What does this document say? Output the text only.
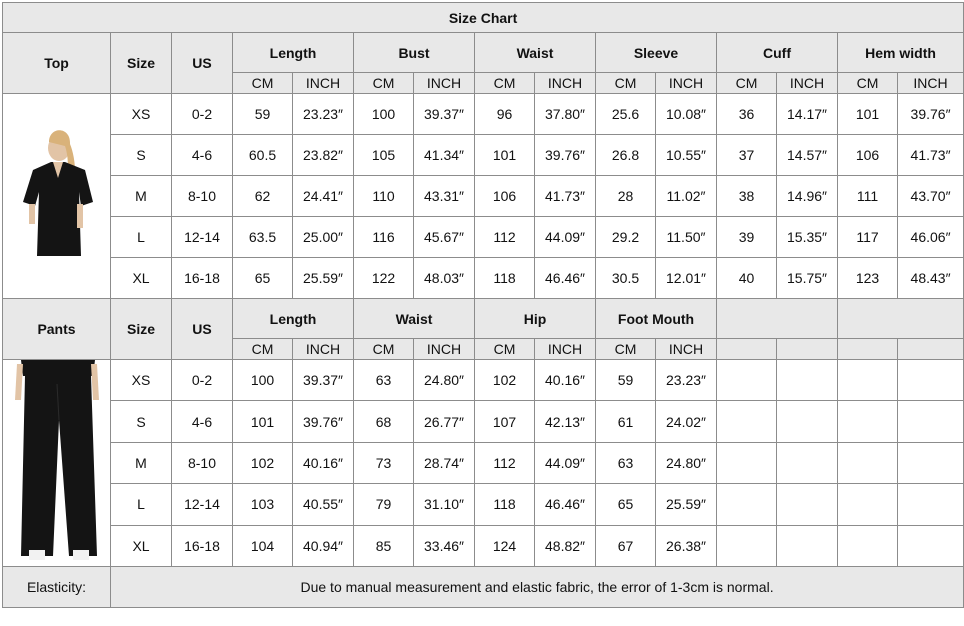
Size Chart														
Top	Size	US	Length		Bust		Waist		Sleeve		Cuff		Hem width	
			CM	INCH	CM	INCH	CM	INCH	CM	INCH	CM	INCH	CM	INCH

	XS	0-2	59	23.23″	100	39.37″	96	37.80″	25.6	10.08″	36	14.17″	101	39.76″
	S	4-6	60.5	23.82″	105	41.34″	101	39.76″	26.8	10.55″	37	14.57″	106	41.73″
	M	8-10	62	24.41″	110	43.31″	106	41.73″	28	11.02″	38	14.96″	111	43.70″
	L	12-14	63.5	25.00″	116	45.67″	112	44.09″	29.2	11.50″	39	15.35″	117	46.06″
	XL	16-18	65	25.59″	122	48.03″	118	46.46″	30.5	12.01″	40	15.75″	123	48.43″
Pants	Size	US	Length		Waist		Hip		Foot Mouth					
			CM	INCH	CM	INCH	CM	INCH	CM	INCH				

	XS	0-2	100	39.37″	63	24.80″	102	40.16″	59	23.23″				
	S	4-6	101	39.76″	68	26.77″	107	42.13″	61	24.02″				
	M	8-10	102	40.16″	73	28.74″	112	44.09″	63	24.80″				
	L	12-14	103	40.55″	79	31.10″	118	46.46″	65	25.59″				
	XL	16-18	104	40.94″	85	33.46″	124	48.82″	67	26.38″				
Elasticity:	Due to manual measurement and elastic fabric, the error of 1-3cm is normal.													
